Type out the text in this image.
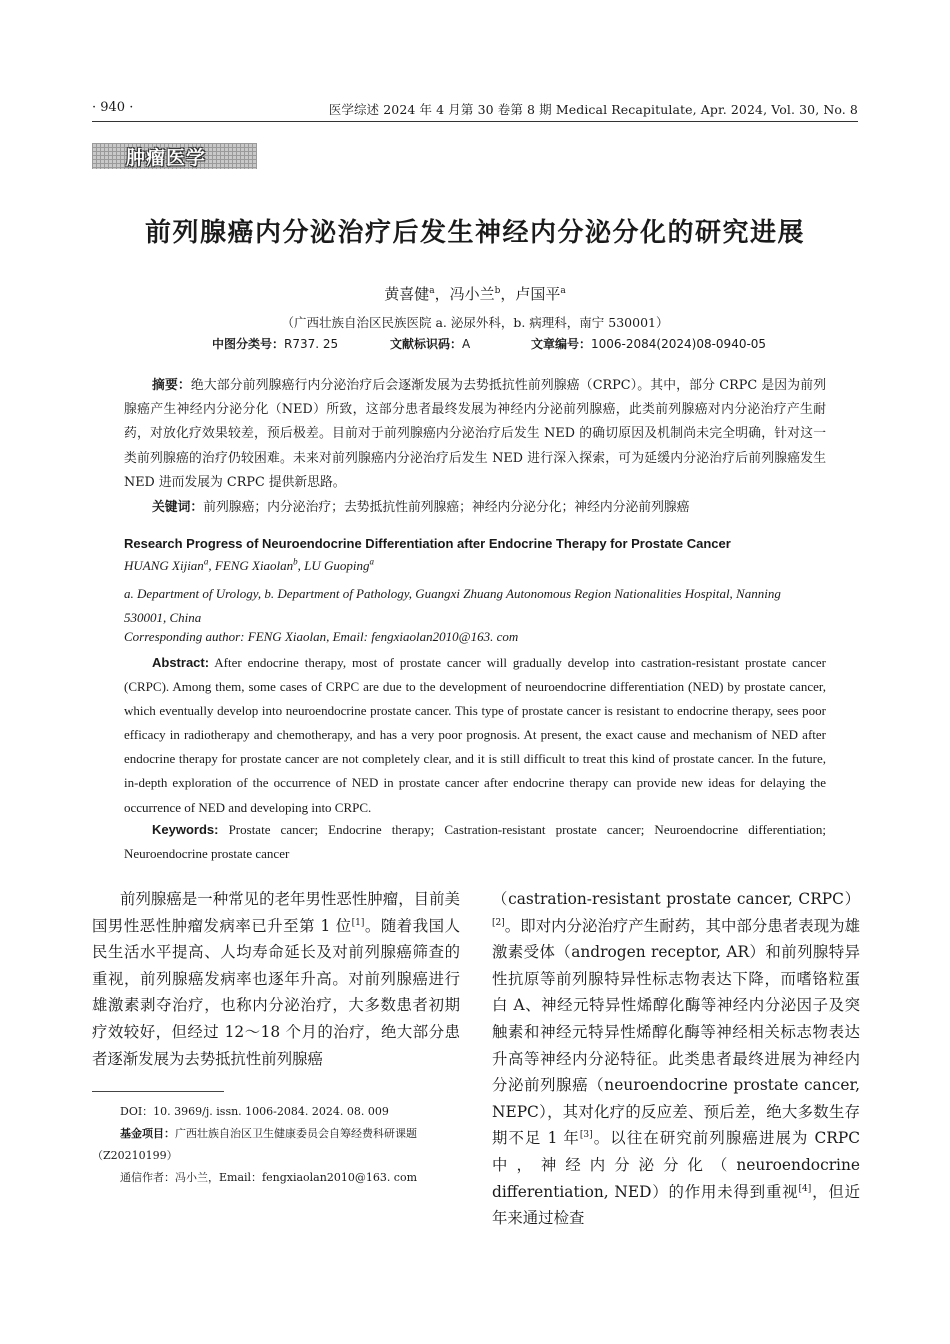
· 940 ·	医学综述 2024 年 4 月第 30 卷第 8 期 Medical Recapitulate, Apr. 2024, Vol. 30, No. 8
肿瘤医学
前列腺癌内分泌治疗后发生神经内分泌分化的研究进展
黄喜健$^a$，冯小兰$^b$，卢国平$^a$
（广西壮族自治区民族医院 a. 泌尿外科，b. 病理科，南宁 530001）
中图分类号：R737. 25	文献标识码：A	文章编号：1006-2084(2024)08-0940-05
摘要：绝大部分前列腺癌行内分泌治疗后会逐渐发展为去势抵抗性前列腺癌（CRPC）。其中，部分 CRPC 是因为前列腺癌产生神经内分泌分化（NED）所致，这部分患者最终发展为神经内分泌前列腺癌，此类前列腺癌对内分泌治疗产生耐药，对放化疗效果较差，预后极差。目前对于前列腺癌内分泌治疗后发生 NED 的确切原因及机制尚未完全明确，针对这一类前列腺癌的治疗仍较困难。未来对前列腺癌内分泌治疗后发生 NED 进行深入探索，可为延缓内分泌治疗后前列腺癌发生 NED 进而发展为 CRPC 提供新思路。
关键词：前列腺癌；内分泌治疗；去势抵抗性前列腺癌；神经内分泌分化；神经内分泌前列腺癌
Research Progress of Neuroendocrine Differentiation after Endocrine Therapy for Prostate Cancer
HUANG Xijian$^a$, FENG Xiaolan$^b$, LU Guoping$^a$
a. Department of Urology, b. Department of Pathology, Guangxi Zhuang Autonomous Region Nationalities Hospital, Nanning 530001, China
Corresponding author: FENG Xiaolan, Email: fengxiaolan2010@163. com
Abstract: After endocrine therapy, most of prostate cancer will gradually develop into castration-resistant prostate cancer (CRPC). Among them, some cases of CRPC are due to the development of neuroendocrine differentiation (NED) by prostate cancer, which eventually develop into neuroendocrine prostate cancer. This type of prostate cancer is resistant to endocrine therapy, sees poor efficacy in radiotherapy and chemotherapy, and has a very poor prognosis. At present, the exact cause and mechanism of NED after endocrine therapy for prostate cancer are not completely clear, and it is still difficult to treat this kind of prostate cancer. In the future, in-depth exploration of the occurrence of NED in prostate cancer after endocrine therapy can provide new ideas for delaying the occurrence of NED and developing into CRPC.
Keywords: Prostate cancer; Endocrine therapy; Castration-resistant prostate cancer; Neuroendocrine differentiation; Neuroendocrine prostate cancer

前列腺癌是一种常见的老年男性恶性肿瘤，目前美国男性恶性肿瘤发病率已升至第 1 位[1]。随着我国人民生活水平提高、人均寿命延长及对前列腺癌筛查的重视，前列腺癌发病率也逐年升高。对前列腺癌进行雄激素剥夺治疗，也称内分泌治疗，大多数患者初期疗效较好，但经过 12～18 个月的治疗，绝大部分患者逐渐发展为去势抵抗性前列腺癌

（castration-resistant prostate cancer, CRPC）[2]。即对内分泌治疗产生耐药，其中部分患者表现为雄激素受体（androgen receptor, AR）和前列腺特异性抗原等前列腺特异性标志物表达下降，而嗜铬粒蛋白 A、神经元特异性烯醇化酶等神经内分泌因子及突触素和神经元特异性烯醇化酶等神经相关标志物表达升高等神经内分泌特征。此类患者最终进展为神经内分泌前列腺癌（neuroendocrine prostate cancer, NEPC），其对化疗的反应差、预后差，绝大多数生存期不足 1 年[3]。以往在研究前列腺癌进展为 CRPC 中，神经内分泌分化（neuroendocrine differentiation, NED）的作用未得到重视[4]，但近年来通过检查

DOI：10. 3969/j. issn. 1006-2084. 2024. 08. 009
基金项目：广西壮族自治区卫生健康委员会自筹经费科研课题（Z20210199）
通信作者：冯小兰，Email：fengxiaolan2010@163. com
